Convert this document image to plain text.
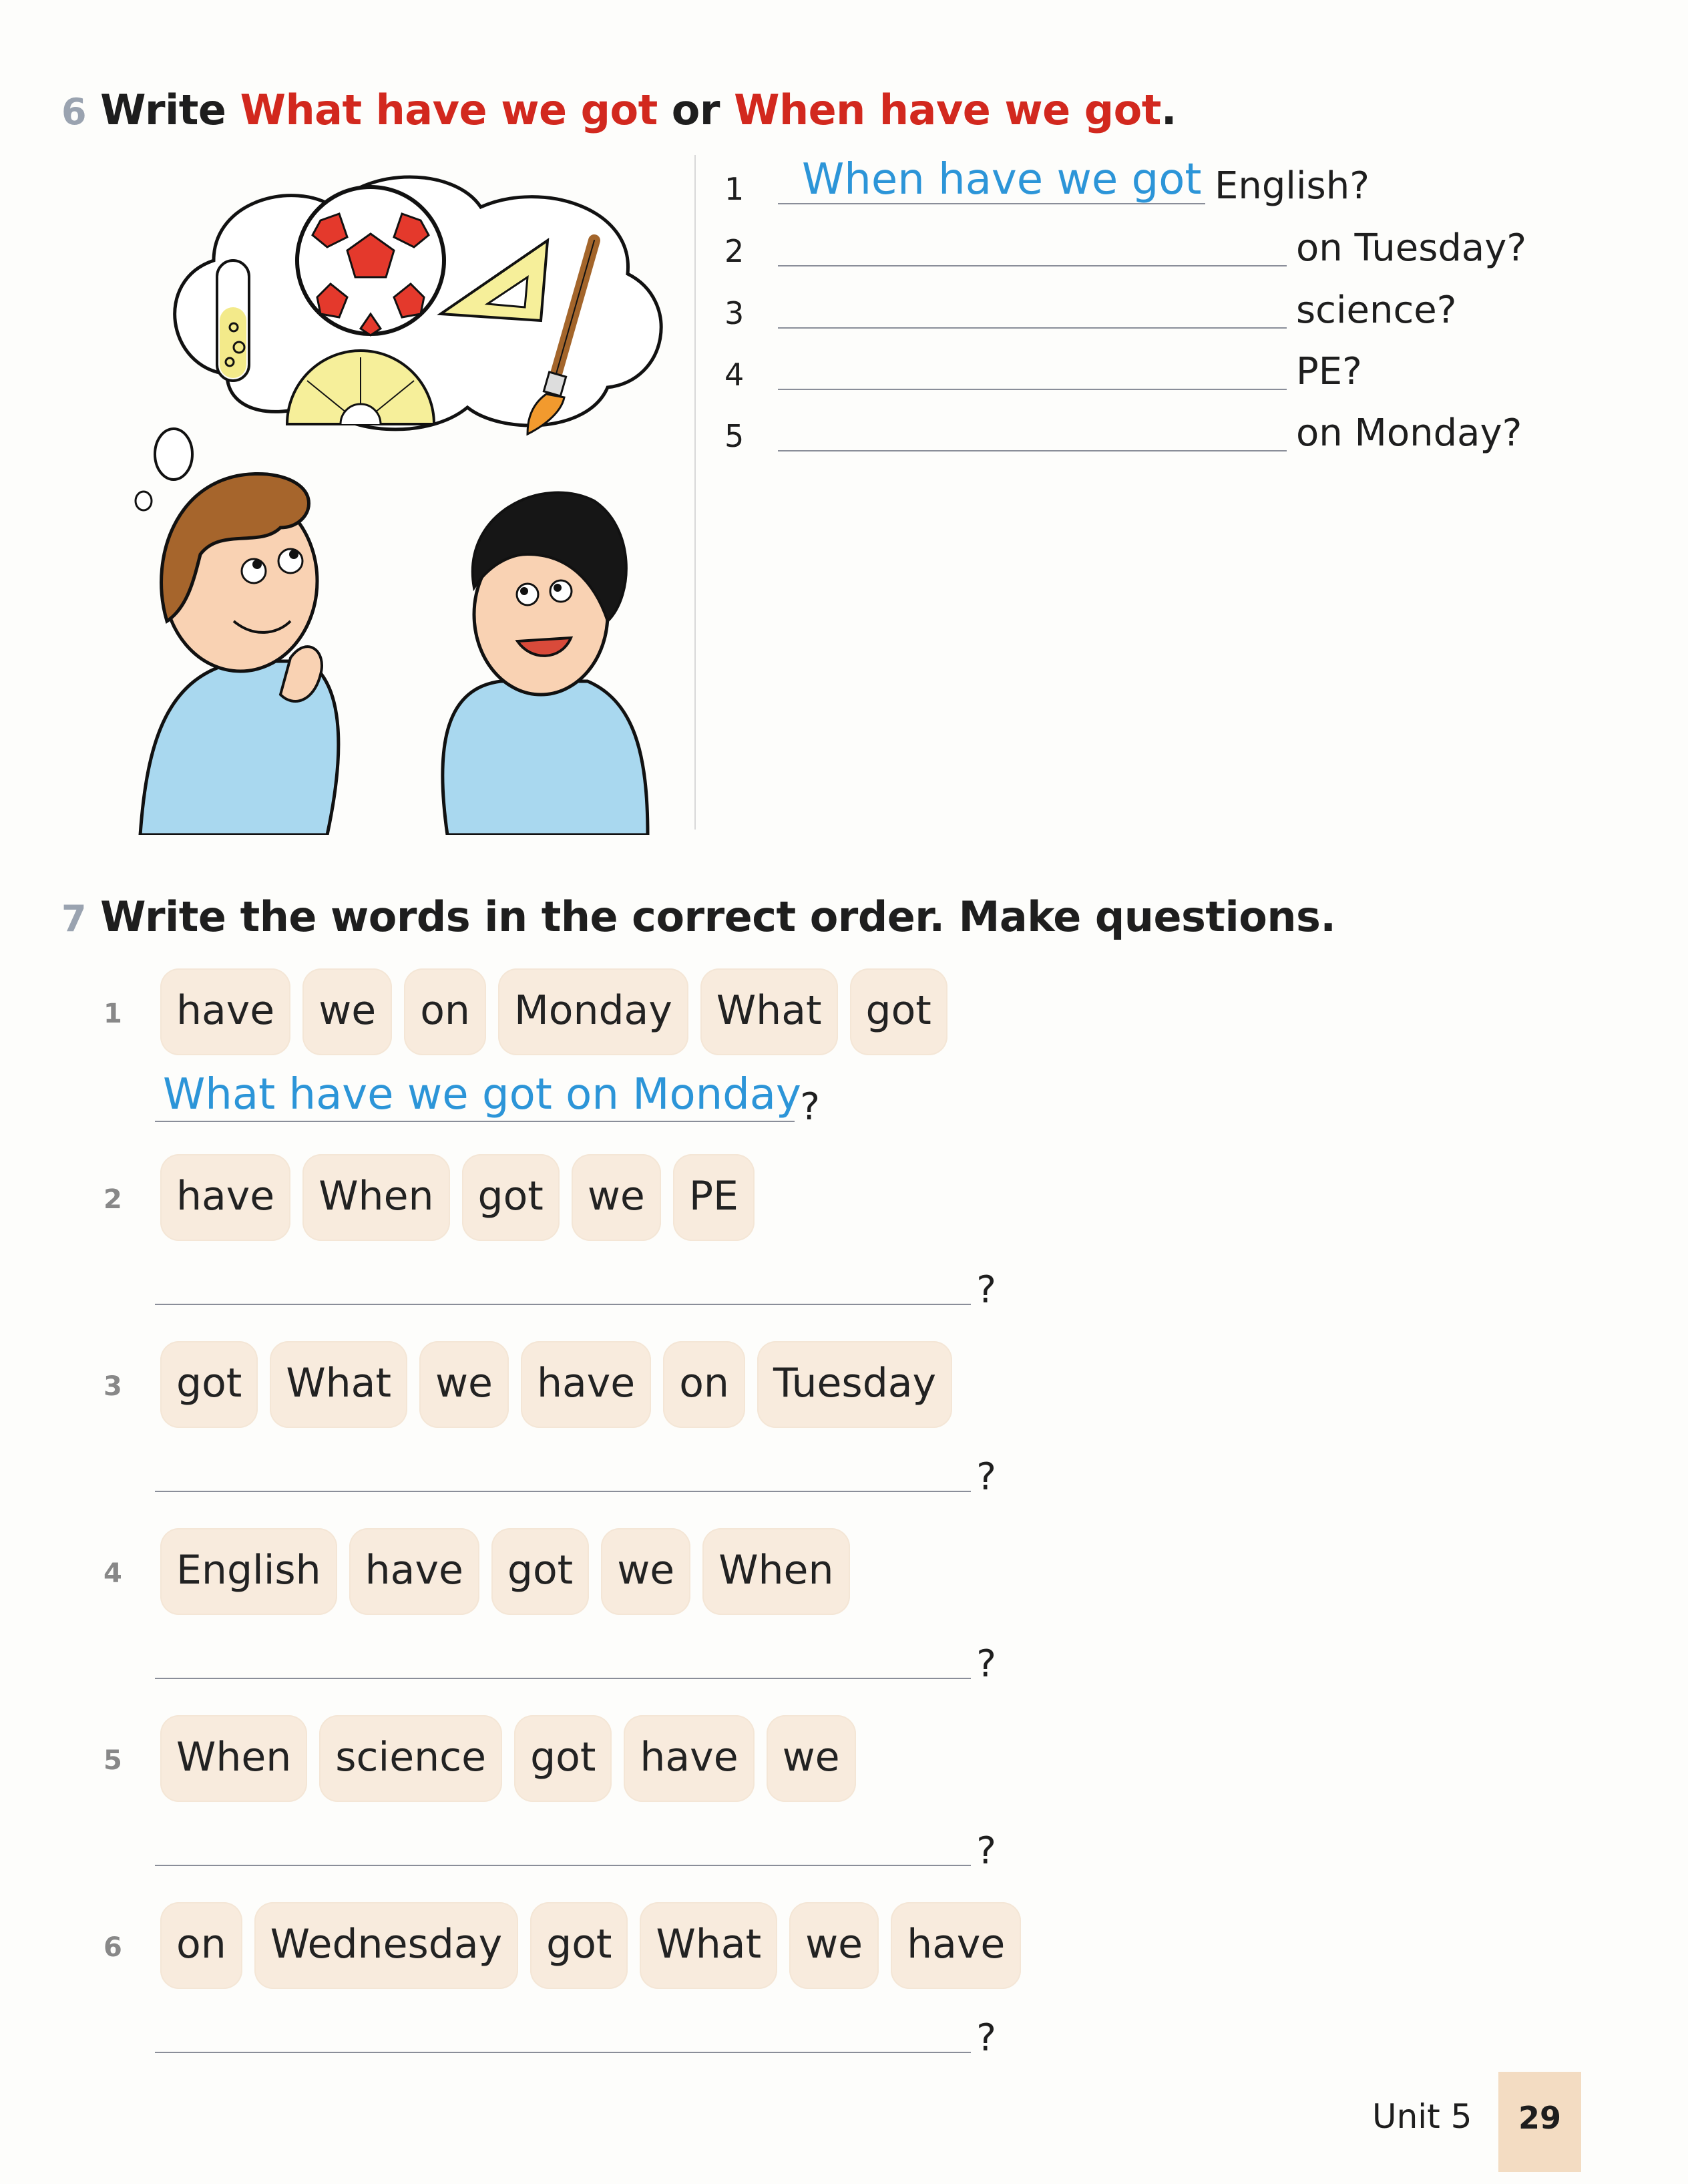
6 Write What have we got or When have we got.
1 When have we got English?
2	on Tuesday?
3	science?
4	PE?
5	on Monday?
7 Write the words in the correct order. Make questions.
1	have	we	on	Monday	What	got
What have we got on Monday
?
2	have	When	got	we	PE
?
3	got	What	we	have	on	Tuesday
?
4	English	have	got	we	When
?
5	When	science	got	have	we
?
6	on	Wednesday	got	What	we	have
?
Unit 5	29
